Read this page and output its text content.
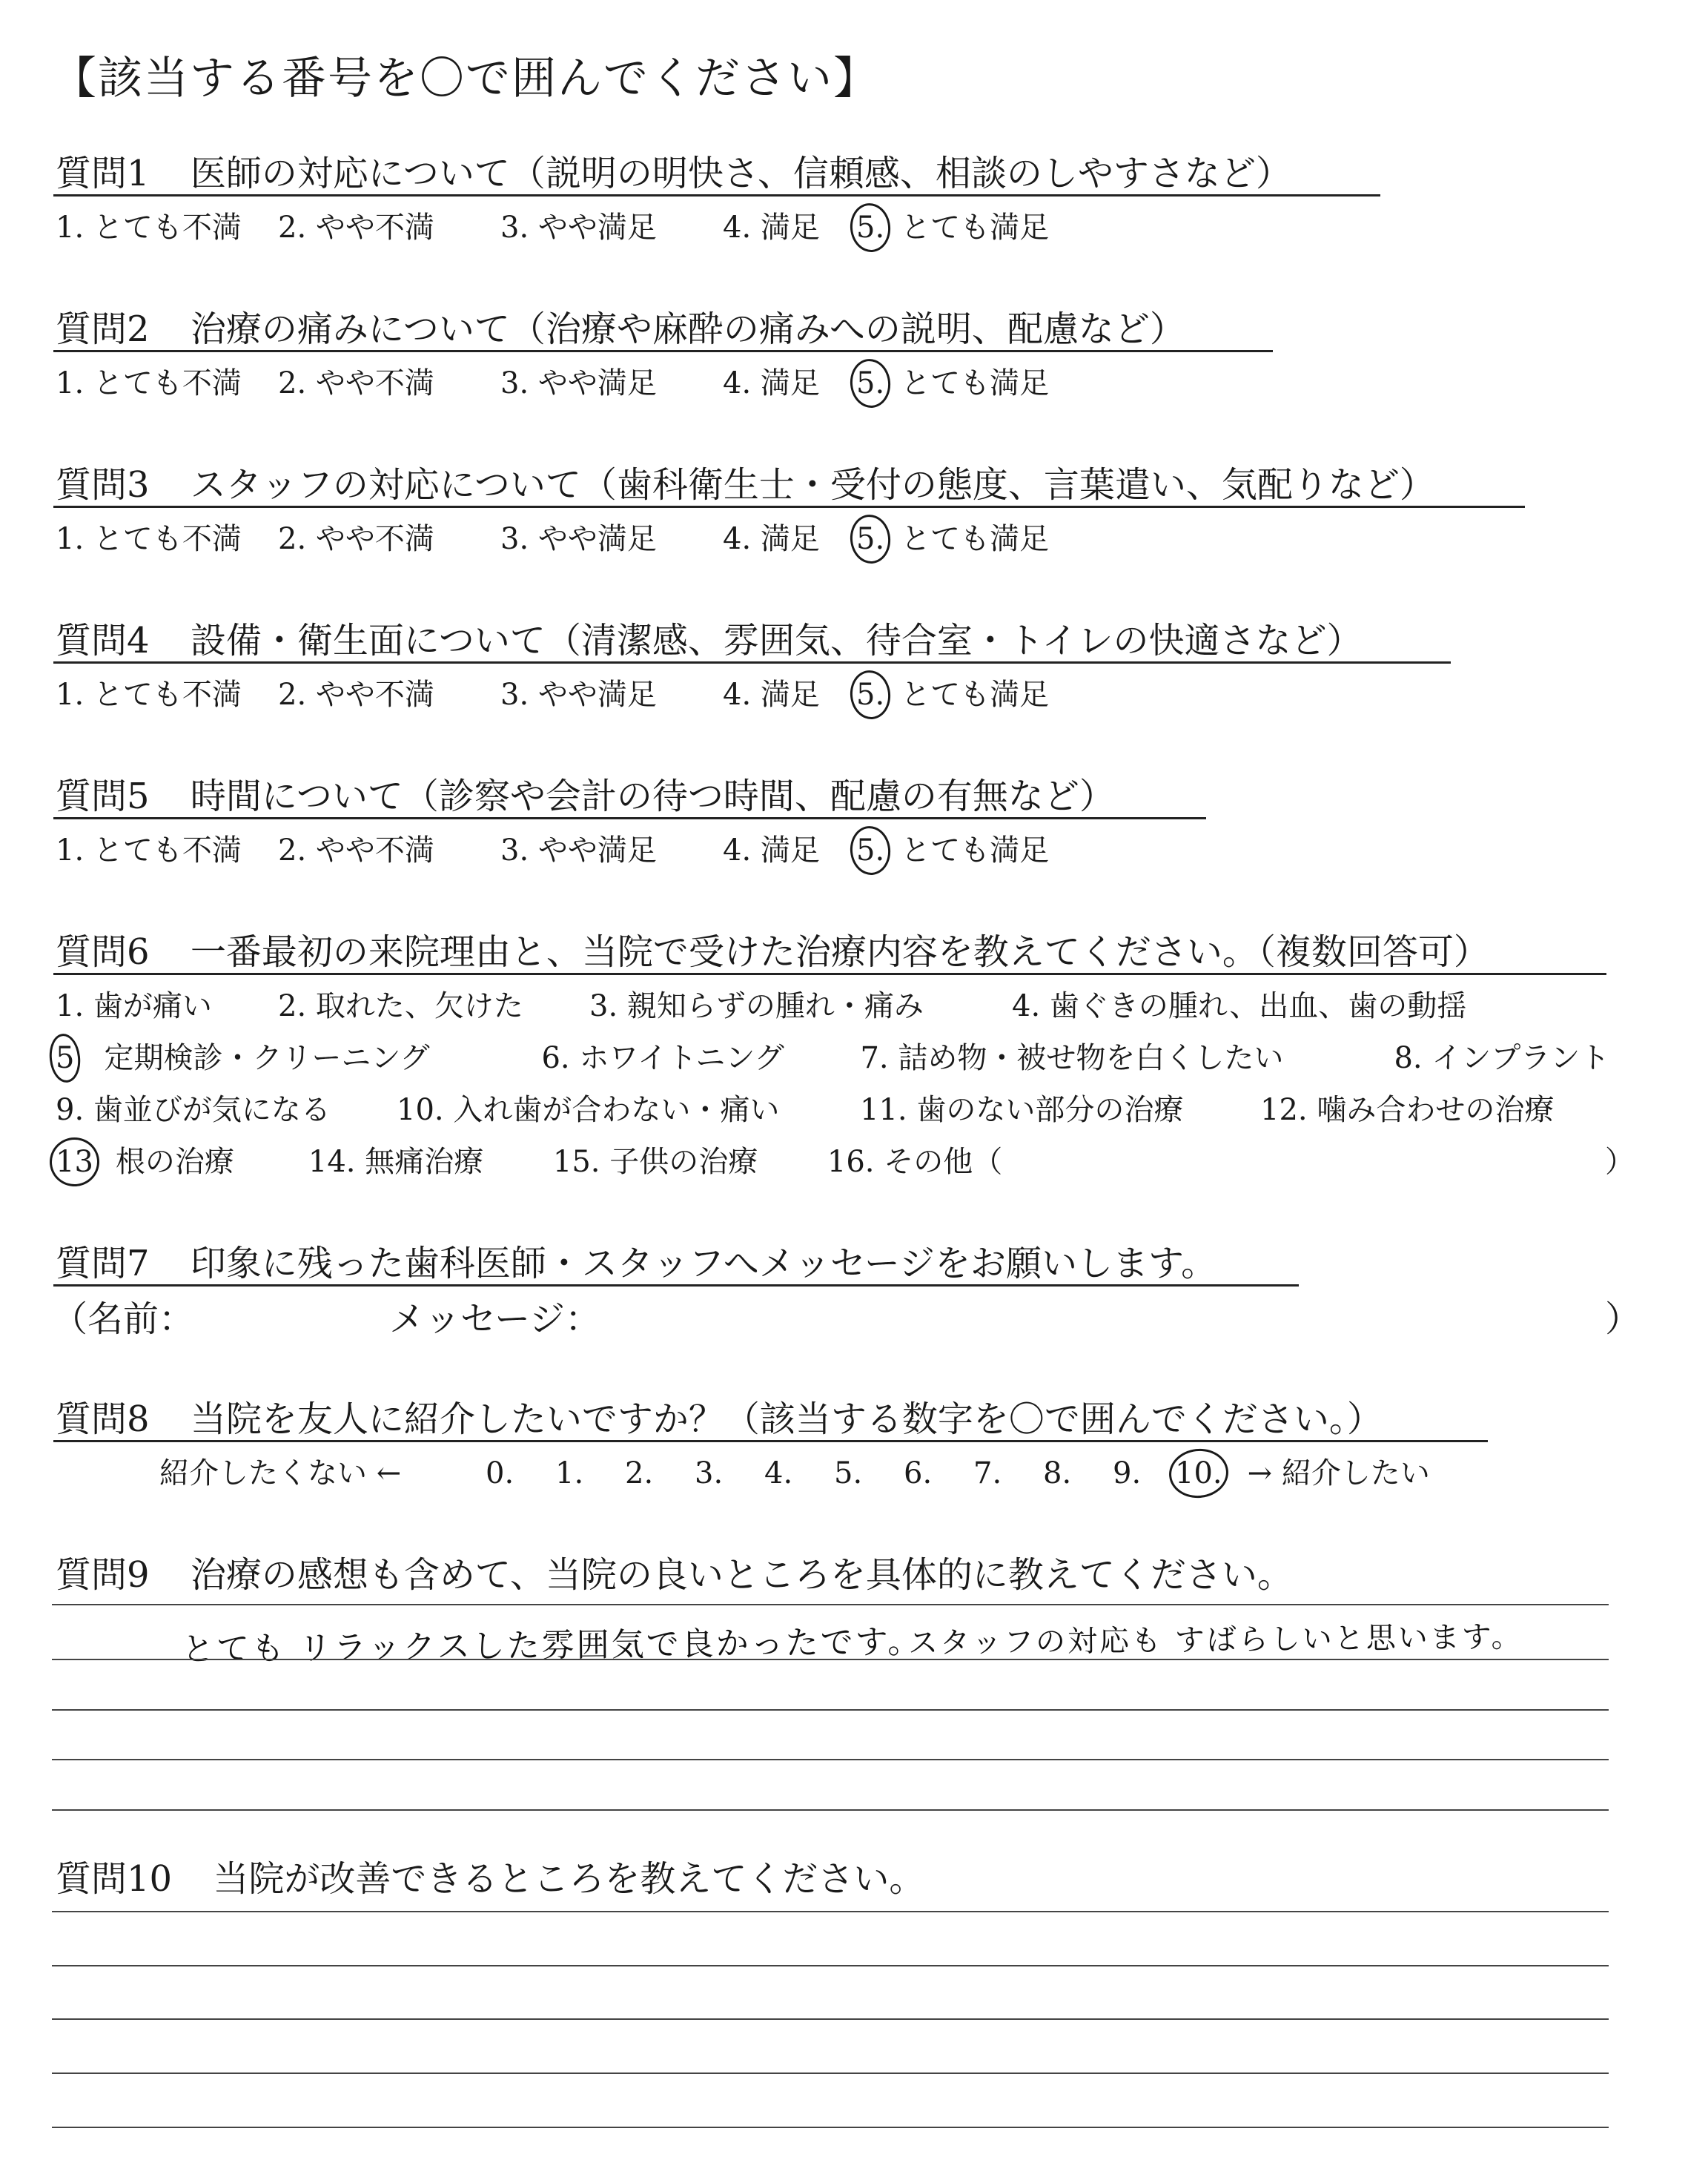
【該当する番号を〇で囲んでください】
質問1 医師の対応について（説明の明快さ、信頼感、相談のしやすさなど）
1. とても不満 2. やや不満 3. やや満足 4. 満足 5. とても満足
質問2 治療の痛みについて（治療や麻酔の痛みへの説明、配慮など）
1. とても不満 2. やや不満 3. やや満足 4. 満足 5. とても満足
質問3 スタッフの対応について（歯科衛生士・受付の態度、言葉遣い、気配りなど）
1. とても不満 2. やや不満 3. やや満足 4. 満足 5. とても満足
質問4 設備・衛生面について（清潔感、雰囲気、待合室・トイレの快適さなど）
1. とても不満 2. やや不満 3. やや満足 4. 満足 5. とても満足
質問5 時間について（診察や会計の待つ時間、配慮の有無など）
1. とても不満 2. やや不満 3. やや満足 4. 満足 5. とても満足
質問6 一番最初の来院理由と、当院で受けた治療内容を教えてください。（複数回答可）
1. 歯が痛い 2. 取れた、欠けた 3. 親知らずの腫れ・痛み	4. 歯ぐきの腫れ、出血、歯の動揺
5 定期検診・クリーニング	6. ホワイトニング	7. 詰め物・被せ物を白くしたい	8. インプラント
9. 歯並びが気になる 10. 入れ歯が合わない・痛い	11. 歯のない部分の治療	12. 噛み合わせの治療
13 根の治療	14. 無痛治療 15. 子供の治療 16. その他（	）
質問7 印象に残った歯科医師・スタッフへメッセージをお願いします。
（名前：	メッセージ：	）
質問8 当院を友人に紹介したいですか？（該当する数字を〇で囲んでください。）
紹介したくない ←	0. 1. 2. 3. 4. 5. 6. 7. 8. 9. 10. → 紹介したい
質問9 治療の感想も含めて、当院の良いところを具体的に教えてください。
とても リラックスした雰囲気で良かったです。
スタッフの対応も すばらしいと思います。
質問10 当院が改善できるところを教えてください。
